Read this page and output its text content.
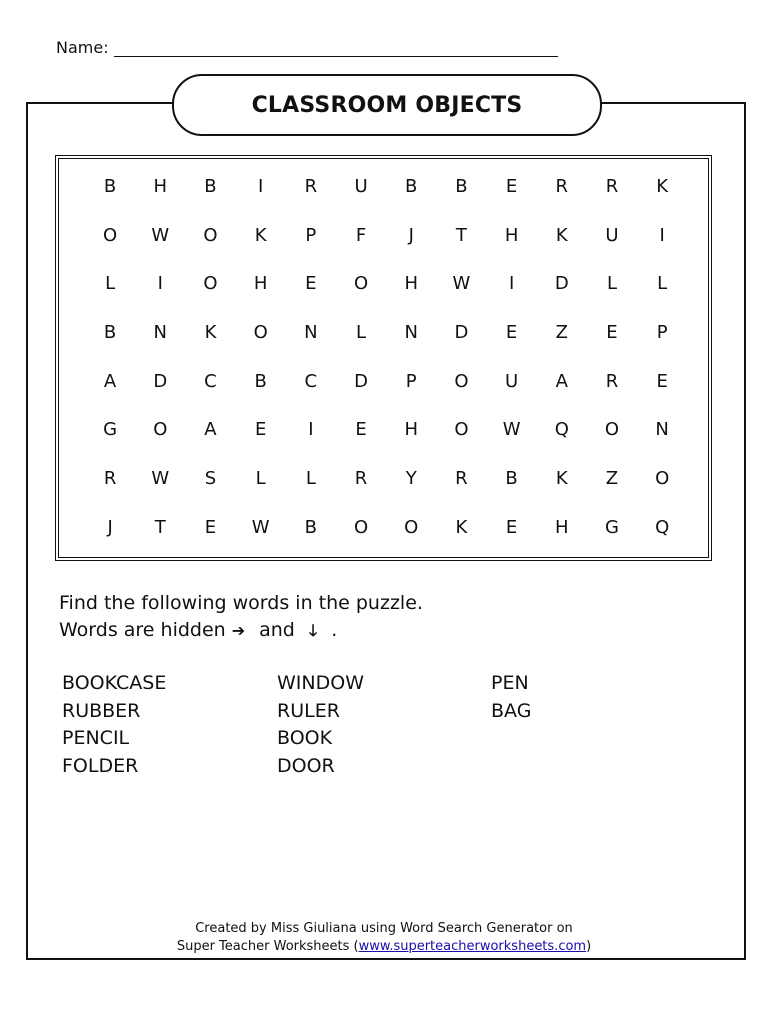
Name:
CLASSROOM OBJECTS
B	H	B	I	R	U	B	B	E	R	R	K
O	W	O	K	P	F	J	T	H	K	U	I
L	I	O	H	E	O	H	W	I	D	L	L
B	N	K	O	N	L	N	D	E	Z	E	P
A	D	C	B	C	D	P	O	U	A	R	E
G	O	A	E	I	E	H	O	W	Q	O	N
R	W	S	L	L	R	Y	R	B	K	Z	O
J	T	E	W	B	O	O	K	E	H	G	Q
Find the following words in the puzzle.
Words are hidden ➔ and 🡓 .
BOOKCASE
RUBBER
PENCIL
FOLDER
WINDOW
RULER
BOOK
DOOR
PEN
BAG
Created by Miss Giuliana using Word Search Generator on
Super Teacher Worksheets (www.superteacherworksheets.com)
